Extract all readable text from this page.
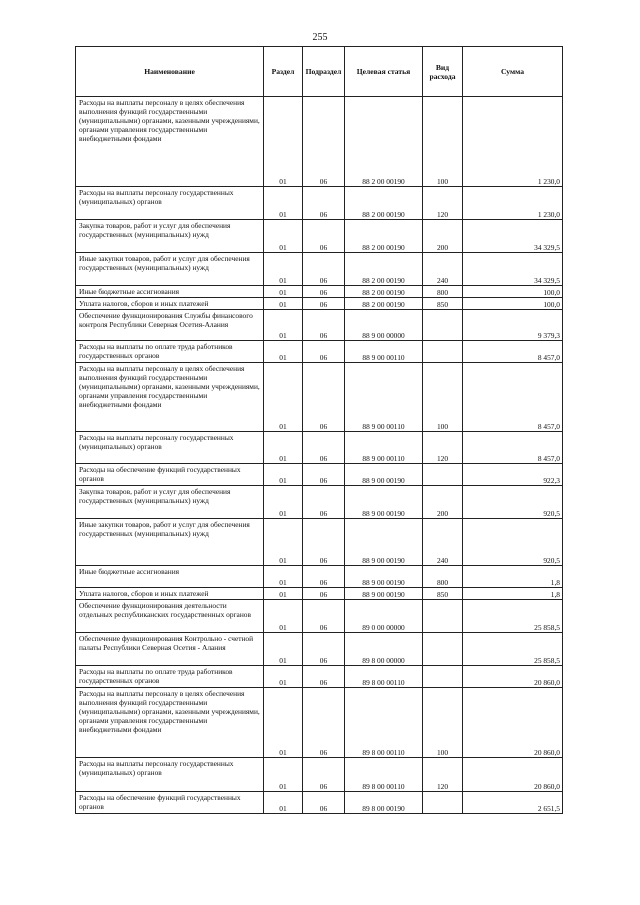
255
Наименование	Раздел	Подраздел	Целевая статья	Вид расхода	Сумма
Расходы на выплаты персоналу в целях обеспечения выполнения функций государственными (муниципальными) органами, казенными учреждениями, органами управления государственными внебюджетными фондами	01	06	88 2 00 00190	100	1 230,0
Расходы на выплаты персоналу государственных (муниципальных) органов	01	06	88 2 00 00190	120	1 230,0
Закупка товаров, работ и услуг для обеспечения государственных (муниципальных) нужд	01	06	88 2 00 00190	200	34 329,5
Иные закупки товаров, работ и услуг для обеспечения государственных (муниципальных) нужд	01	06	88 2 00 00190	240	34 329,5
Иные бюджетные ассигнования	01	06	88 2 00 00190	800	100,0
Уплата налогов, сборов и иных платежей	01	06	88 2 00 00190	850	100,0
Обеспечение функционирования Службы финансового контроля Республики Северная Осетия-Алания	01	06	88 9 00 00000		9 379,3
Расходы на выплаты по оплате труда работников государственных органов	01	06	88 9 00 00110		8 457,0
Расходы на выплаты персоналу в целях обеспечения выполнения функций государственными (муниципальными) органами, казенными учреждениями, органами управления государственными внебюджетными фондами	01	06	88 9 00 00110	100	8 457,0
Расходы на выплаты персоналу государственных (муниципальных) органов	01	06	88 9 00 00110	120	8 457,0
Расходы на обеспечение функций государственных органов	01	06	88 9 00 00190		922,3
Закупка товаров, работ и услуг для обеспечения государственных (муниципальных) нужд	01	06	88 9 00 00190	200	920,5
Иные закупки товаров, работ и услуг для обеспечения государственных (муниципальных) нужд	01	06	88 9 00 00190	240	920,5
Иные бюджетные ассигнования	01	06	88 9 00 00190	800	1,8
Уплата налогов, сборов и иных платежей	01	06	88 9 00 00190	850	1,8
Обеспечение функционирования деятельности отдельных республиканских государственных органов	01	06	89 0 00 00000		25 858,5
Обеспечение функционирования Контрольно - счетной палаты Республики Северная Осетия - Алания	01	06	89 8 00 00000		25 858,5
Расходы на выплаты по оплате труда работников государственных органов	01	06	89 8 00 00110		20 860,0
Расходы на выплаты персоналу в целях обеспечения выполнения функций государственными (муниципальными) органами, казенными учреждениями, органами управления государственными внебюджетными фондами	01	06	89 8 00 00110	100	20 860,0
Расходы на выплаты персоналу государственных (муниципальных) органов	01	06	89 8 00 00110	120	20 860,0
Расходы на обеспечение функций государственных органов	01	06	89 8 00 00190		2 651,5
